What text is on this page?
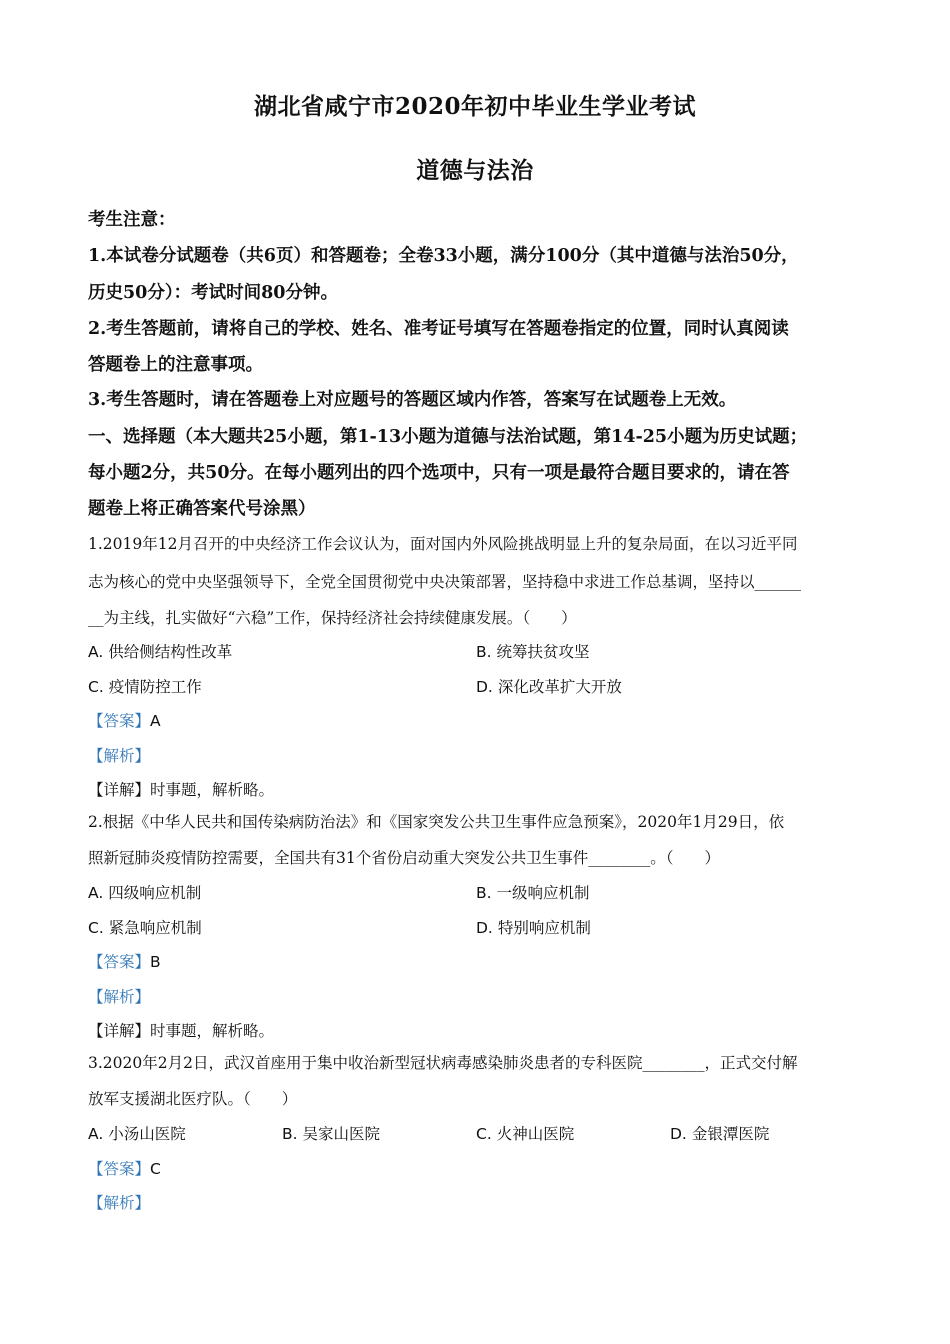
湖北省咸宁市2020年初中毕业生学业考试
道德与法治
考生注意：
1.本试卷分试题卷（共6页）和答题卷；全卷33小题，满分100分（其中道德与法治50分，
历史50分）：考试时间80分钟。
2.考生答题前，请将自己的学校、姓名、准考证号填写在答题卷指定的位置，同时认真阅读
答题卷上的注意事项。
3.考生答题时，请在答题卷上对应题号的答题区域内作答，答案写在试题卷上无效。
一、选择题（本大题共25小题，第1-13小题为道德与法治试题，第14-25小题为历史试题；
每小题2分，共50分。在每小题列出的四个选项中，只有一项是最符合题目要求的，请在答
题卷上将正确答案代号涂黑）
1.2019年12月召开的中央经济工作会议认为，面对国内外风险挑战明显上升的复杂局面，在以习近平同
志为核心的党中央坚强领导下，全党全国贯彻党中央决策部署，坚持稳中求进工作总基调，坚持以______
__为主线，扎实做好“六稳”工作，保持经济社会持续健康发展。（　　）
A. 供给侧结构性改革	B. 统筹扶贫攻坚
C. 疫情防控工作	D. 深化改革扩大开放
【答案】A
【解析】
【详解】时事题，解析略。
2.根据《中华人民共和国传染病防治法》和《国家突发公共卫生事件应急预案》，2020年1月29日，依
照新冠肺炎疫情防控需要，全国共有31个省份启动重大突发公共卫生事件________。（　　）
A. 四级响应机制	B. 一级响应机制
C. 紧急响应机制	D. 特别响应机制
【答案】B
【解析】
【详解】时事题，解析略。
3.2020年2月2日，武汉首座用于集中收治新型冠状病毒感染肺炎患者的专科医院________，正式交付解
放军支援湖北医疗队。（　　）
A. 小汤山医院	B. 吴家山医院	C. 火神山医院	D. 金银潭医院
【答案】C
【解析】
